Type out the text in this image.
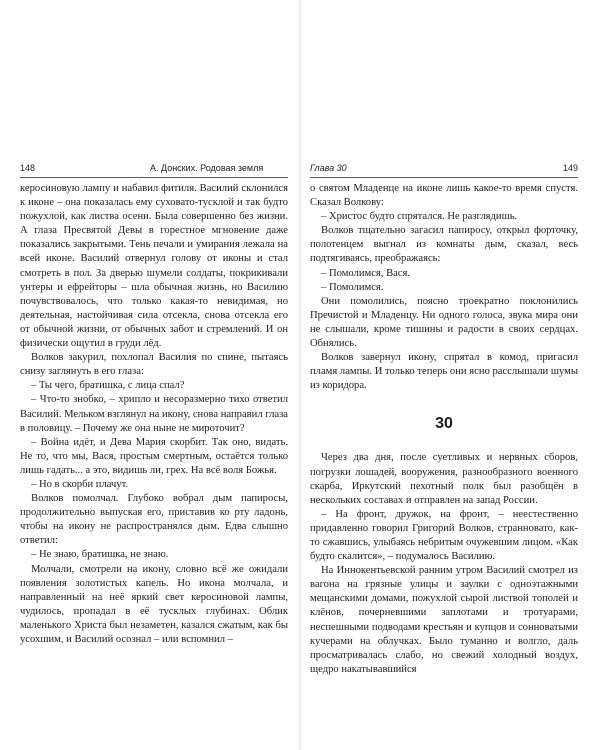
148	А. Донских. Родовая земля

керосиновую лампу и набавил фитиля. Василий склонился к иконе – она показалась ему суховато-тусклой и так будто пожухлой, как листва осени. Была совершенно без жизни. А глаза Пресвятой Девы в горестное мгновение даже показались закрытыми. Тень печали и умирания лежала на всей иконе. Василий отвернул голову от иконы и стал смотреть в пол. За дверью шумели солдаты, покрикивали унтеры и ефрейторы – шла обычная жизнь, но Василию почувствовалось, что только какая-то невидимая, но деятельная, настойчивая сила отсекла, снова отсекла его от обычной жизни, от обычных забот и стремлений. И он физически ощутил в груди лёд.

Волков закурил, похлопал Василия по спине, пытаясь снизу заглянуть в его глаза:

– Ты чего, братишка, с лица спал?

– Что-то знобко, – хрипло и несоразмерно тихо ответил Василий. Мельком взглянул на икону, снова направил глаза в половицу. – Почему же она ныне не мироточит?

– Война идёт, и Дева Мария скорбит. Так оно, видать. Не то, что мы, Вася, простым смертным, остаётся только лишь гадать... а это, видишь ли, грех. На всё воля Божья.

– Но в скорби плачут.

Волков помолчал. Глубоко вобрал дым папиросы, продолжительно выпуская его, приставив ко рту ладонь, чтобы на икону не распространялся дым. Едва слышно ответил:

– Не знаю, братишка, не знаю.

Молчали, смотрели на икону, словно всё же ожидали появления золотистых капель. Но икона молчала, и направленный на неё яркий свет керосиновой лампы, чудилось, пропадал в её тусклых глубинах. Облик маленького Христа был незаметен, казался сжатым, как бы усохшим, и Василий осознал – или вспомнил –

Глава 30	149

о святом Младенце на иконе лишь какое-то время спустя. Сказал Волкову:

– Христос будто спрятался. Не разглядишь.

Волков тщательно загасил папиросу, открыл форточку, полотенцем выгнал из комнаты дым, сказал, весь подтягиваясь, преображаясь:

– Помолимся, Вася.

– Помолимся.

Они помолились, поясно троекратно поклонились Пречистой и Младенцу. Ни одного голоса, звука мира они не слышали, кроме тишины и радости в своих сердцах. Обнялись.

Волков завернул икону, спрятал в комод, пригасил пламя лампы. И только теперь они ясно расслышали шумы из коридора.

30

Через два дня, после суетливых и нервных сборов, погрузки лошадей, вооружения, разнообразного военного скарба, Иркутский пехотный полк был разобщён в нескольких составах и отправлен на запад России.

– На фронт, дружок, на фронт, – неестественно придавленно говорил Григорий Волков, странновато, как-то сжавшись, улыбаясь небритым очужевшим лицом. «Как будто скалится», – подумалось Василию.

На Иннокентьевской ранним утром Василий смотрел из вагона на грязные улицы и заулки с одноэтажными мещанскими домами, пожухлой сырой листвой тополей и клёнов, почерневшими заплотами и тротуарами, неспешными подводами крестьян и купцов и сонноватыми кучерами на облучках. Было туманно и волгло, даль просматривалась слабо, но свежий холодный воздух, щедро накатывавшийся
